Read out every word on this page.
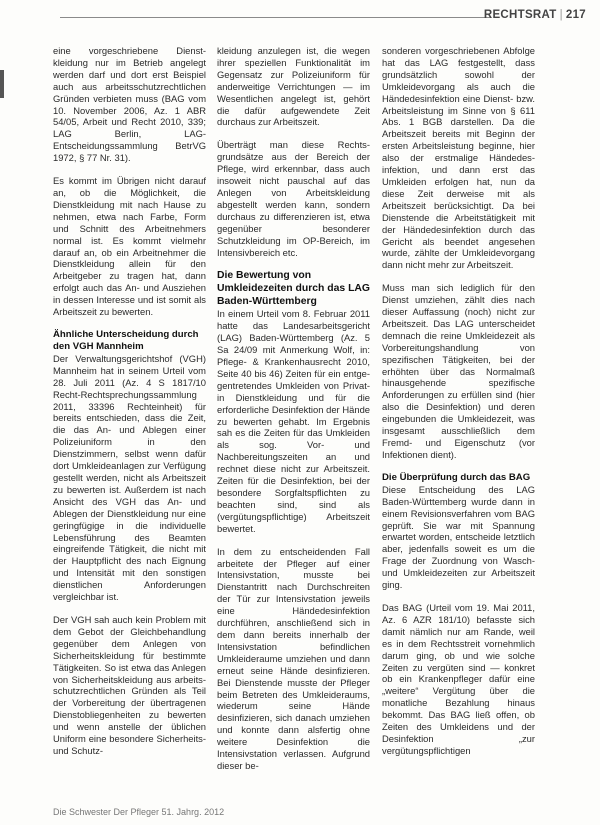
RECHTSRAT | 217

eine vorgeschriebene Dienstkleidung nur im Betrieb angelegt werden darf und dort erst Beispiel auch aus arbeitsschutzrechtlichen Gründen verbieten muss (BAG vom 10. November 2006, Az. 1 ABR 54/05, Arbeit und Recht 2010, 339; LAG Berlin, LAG-Entscheidungssammlung BetrVG 1972, § 77 Nr. 31).

Es kommt im Übrigen nicht darauf an, ob die Möglichkeit, die Dienstkleidung mit nach Hause zu nehmen, etwa nach Farbe, Form und Schnitt des Arbeitnehmers normal ist. Es kommt vielmehr darauf an, ob ein Arbeitnehmer die Dienstkleidung allein für den Arbeitgeber zu tragen hat, dann erfolgt auch das An- und Ausziehen in dessen Interesse und ist somit als Arbeitszeit zu bewerten.

Ähnliche Unterscheidung durch den VGH Mannheim

Der Verwaltungsgerichtshof (VGH) Mannheim hat in seinem Urteil vom 28. Juli 2011 (Az. 4 S 1817/10 Recht-Rechtsprechungssammlung 2011, 33396 Rechteinheit) für bereits entschieden, dass die Zeit, die das An- und Ablegen einer Polizeiuniform in den Dienstzimmern, selbst wenn dafür dort Umkleideanlagen zur Verfügung gestellt werden, nicht als Arbeitszeit zu bewerten ist. Außerdem ist nach Ansicht des VGH das An- und Ablegen der Dienstkleidung nur eine geringfügige in die individuelle Lebensführung des Beamten eingreifende Tätigkeit, die nicht mit der Hauptpflicht des nach Eignung und Intensität mit den sonstigen dienstlichen Anforderungen vergleichbar ist.

Der VGH sah auch kein Problem mit dem Gebot der Gleichbehandlung gegenüber dem Anlegen von Sicherheitskleidung für bestimmte Tätigkeiten. So ist etwa das Anlegen von Sicherheitskleidung aus arbeitsschutzrechtlichen Gründen als Teil der Vorbereitung der übertragenen Dienstobliegenheiten zu bewerten und wenn anstelle der üblichen Uniform eine besondere Sicherheits- und Schutz-

kleidung anzulegen ist, die wegen ihrer speziellen Funktionalität im Gegensatz zur Polizeiuniform für anderweitige Verrichtungen — im Wesentlichen angelegt ist, gehört die dafür aufgewendete Zeit durchaus zur Arbeitszeit.

Überträgt man diese Rechtsgrundsätze aus der Bereich der Pflege, wird erkennbar, dass auch insoweit nicht pauschal auf das Anlegen von Arbeitskleidung abgestellt werden kann, sondern durchaus zu differenzieren ist, etwa gegenüber besonderer Schutzkleidung im OP-Bereich, im Intensivbereich etc.

Die Bewertung von Umkleidezeiten durch das LAG Baden-Württemberg

In einem Urteil vom 8. Februar 2011 hatte das Landesarbeitsgericht (LAG) Baden-Württemberg (Az. 5 Sa 24/09 mit Anmerkung Wolf, in: Pflege- & Krankenhausrecht 2010, Seite 40 bis 46) Zeiten für ein entgegentretendes Umkleiden von Privat- in Dienstkleidung und für die erforderliche Desinfektion der Hände zu bewerten gehabt. Im Ergebnis sah es die Zeiten für das Umkleiden als sog. Vor- und Nachbereitungszeiten an und rechnet diese nicht zur Arbeitszeit. Zeiten für die Desinfektion, bei der besondere Sorgfaltspflichten zu beachten sind, sind als (vergütungspflichtige) Arbeitszeit bewertet.

In dem zu entscheidenden Fall arbeitete der Pfleger auf einer Intensivstation, musste bei Dienstantritt nach Durchschreiten der Tür zur Intensivstation jeweils eine Händedesinfektion durchführen, anschließend sich in dem dann bereits innerhalb der Intensivstation befindlichen Umkleideraume umziehen und dann erneut seine Hände desinfizieren. Bei Dienstende musste der Pfleger beim Betreten des Umkleideraums, wiederum seine Hände desinfizieren, sich danach umziehen und konnte dann alsfertig ohne weitere Desinfektion die Intensivstation verlassen. Aufgrund dieser be-

sonderen vorgeschriebenen Abfolge hat das LAG festgestellt, dass grundsätzlich sowohl der Umkleidevorgang als auch die Händedesinfektion eine Dienst- bzw. Arbeitsleistung im Sinne von § 611 Abs. 1 BGB darstellen. Da die Arbeitszeit bereits mit Beginn der ersten Arbeitsleistung beginne, hier also der erstmalige Händedesinfektion, und dann erst das Umkleiden erfolgen hat, nun da diese Zeit derweise mit als Arbeitszeit berücksichtigt. Da bei Dienstende die Arbeitstätigkeit mit der Händedesinfektion durch das Gericht als beendet angesehen wurde, zählte der Umkleidevorgang dann nicht mehr zur Arbeitszeit.

Muss man sich lediglich für den Dienst umziehen, zählt dies nach dieser Auffassung (noch) nicht zur Arbeitszeit. Das LAG unterscheidet demnach die reine Umkleidezeit als Vorbereitungshandlung von spezifischen Tätigkeiten, bei der erhöhten über das Normalmaß hinausgehende spezifische Anforderungen zu erfüllen sind (hier also die Desinfektion) und deren eingebunden die Umkleidezeit, was insgesamt ausschließlich dem Fremd- und Eigenschutz (vor Infektionen dient).

Die Überprüfung durch das BAG

Diese Entscheidung des LAG Baden-Württemberg wurde dann in einem Revisionsverfahren vom BAG geprüft. Sie war mit Spannung erwartet worden, entscheide letztlich aber, jedenfalls soweit es um die Frage der Zuordnung von Wasch- und Umkleidezeiten zur Arbeitszeit ging.

Das BAG (Urteil vom 19. Mai 2011, Az. 6 AZR 181/10) befasste sich damit nämlich nur am Rande, weil es in dem Rechtsstreit vornehmlich darum ging, ob und wie solche Zeiten zu vergüten sind — konkret ob ein Krankenpfleger dafür eine „weitere“ Vergütung über die monatliche Bezahlung hinaus bekommt. Das BAG ließ offen, ob Zeiten des Umkleidens und der Desinfektion „zur vergütungspflichtigen

Die Schwester Der Pfleger 51. Jahrg. 2012
